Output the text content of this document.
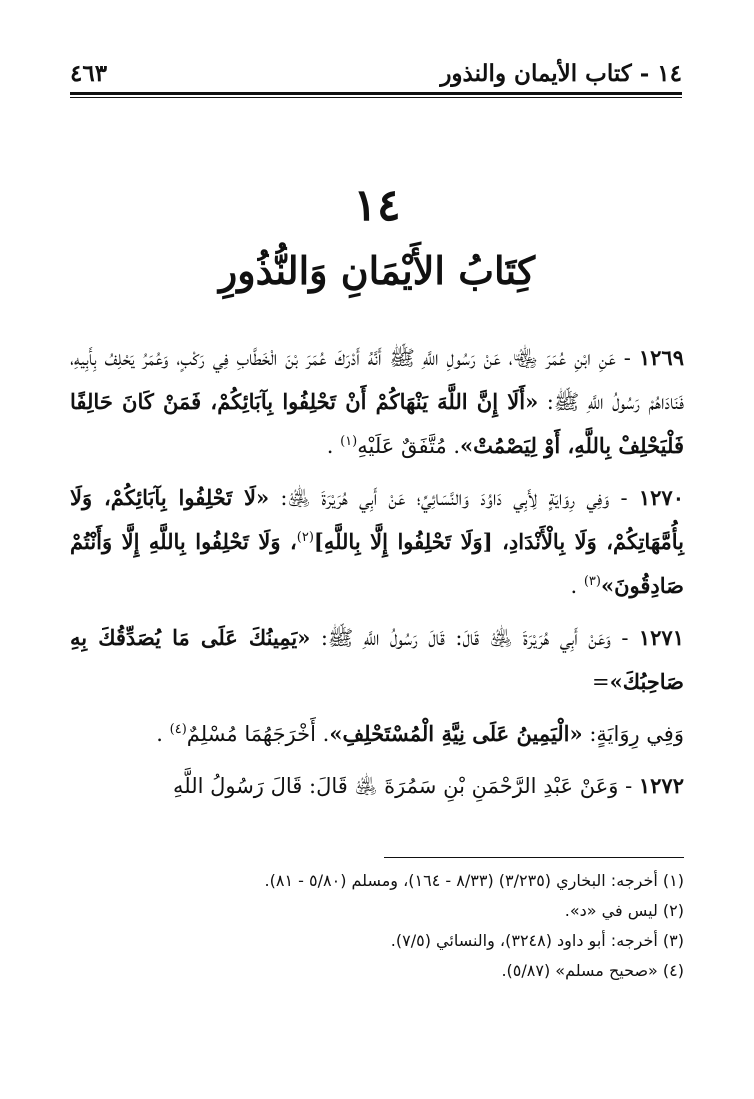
١٤ - كتاب الأيمان والنذور
٤٦٣
١٤
كِتَابُ الأَيْمَانِ وَالنُّذُورِ

١٢٦٩ - عَنِ ابْنِ عُمَرَ ﵄، عَنْ رَسُولِ اللَّهِ ﷺ أَنَّهُ أَدْرَكَ عُمَرَ بْنَ الْخَطَّابِ فِي رَكْبٍ، وَعُمَرُ يَحْلِفُ بِأَبِيهِ، فَنَادَاهُمْ رَسُولُ اللَّهِ ﷺ: «أَلَا إِنَّ اللَّهَ يَنْهَاكُمْ أَنْ تَحْلِفُوا بِآبَائِكُمْ، فَمَنْ كَانَ حَالِفًا فَلْيَحْلِفْ بِاللَّهِ، أَوْ لِيَصْمُتْ». مُتَّفَقٌ عَلَيْهِ$^{(١)}$ .

١٢٧٠ - وَفِي رِوَايَةٍ لِأَبِي دَاوُدَ وَالنَّسَائِيِّ؛ عَنْ أَبِي هُرَيْرَةَ ﵁: «لَا تَحْلِفُوا بِآبَائِكُمْ، وَلَا بِأُمَّهَاتِكُمْ، وَلَا بِالْأَنْدَادِ، [وَلَا تَحْلِفُوا إِلَّا بِاللَّهِ]$^{(٢)}$، وَلَا تَحْلِفُوا بِاللَّهِ إِلَّا وَأَنْتُمْ صَادِقُونَ»$^{(٣)}$ .

١٢٧١ - وَعَنْ أَبِي هُرَيْرَةَ ﵁ قَالَ: قَالَ رَسُولُ اللَّهِ ﷺ: «يَمِينُكَ عَلَى مَا يُصَدِّقُكَ بِهِ صَاحِبُكَ»=

وَفِي رِوَايَةٍ: «الْيَمِينُ عَلَى نِيَّةِ الْمُسْتَحْلِفِ». أَخْرَجَهُمَا مُسْلِمٌ$^{(٤)}$ .

١٢٧٢ - وَعَنْ عَبْدِ الرَّحْمَنِ بْنِ سَمُرَةَ ﵁ قَالَ: قَالَ رَسُولُ اللَّهِ

(١) أخرجه: البخاري (٣/٢٣٥) (٨/٣٣ - ١٦٤)، ومسلم (٥/٨٠ - ٨١).

(٢) ليس في «د».

(٣) أخرجه: أبو داود (٣٢٤٨)، والنسائي (٧/٥).

(٤) «صحيح مسلم» (٥/٨٧).
